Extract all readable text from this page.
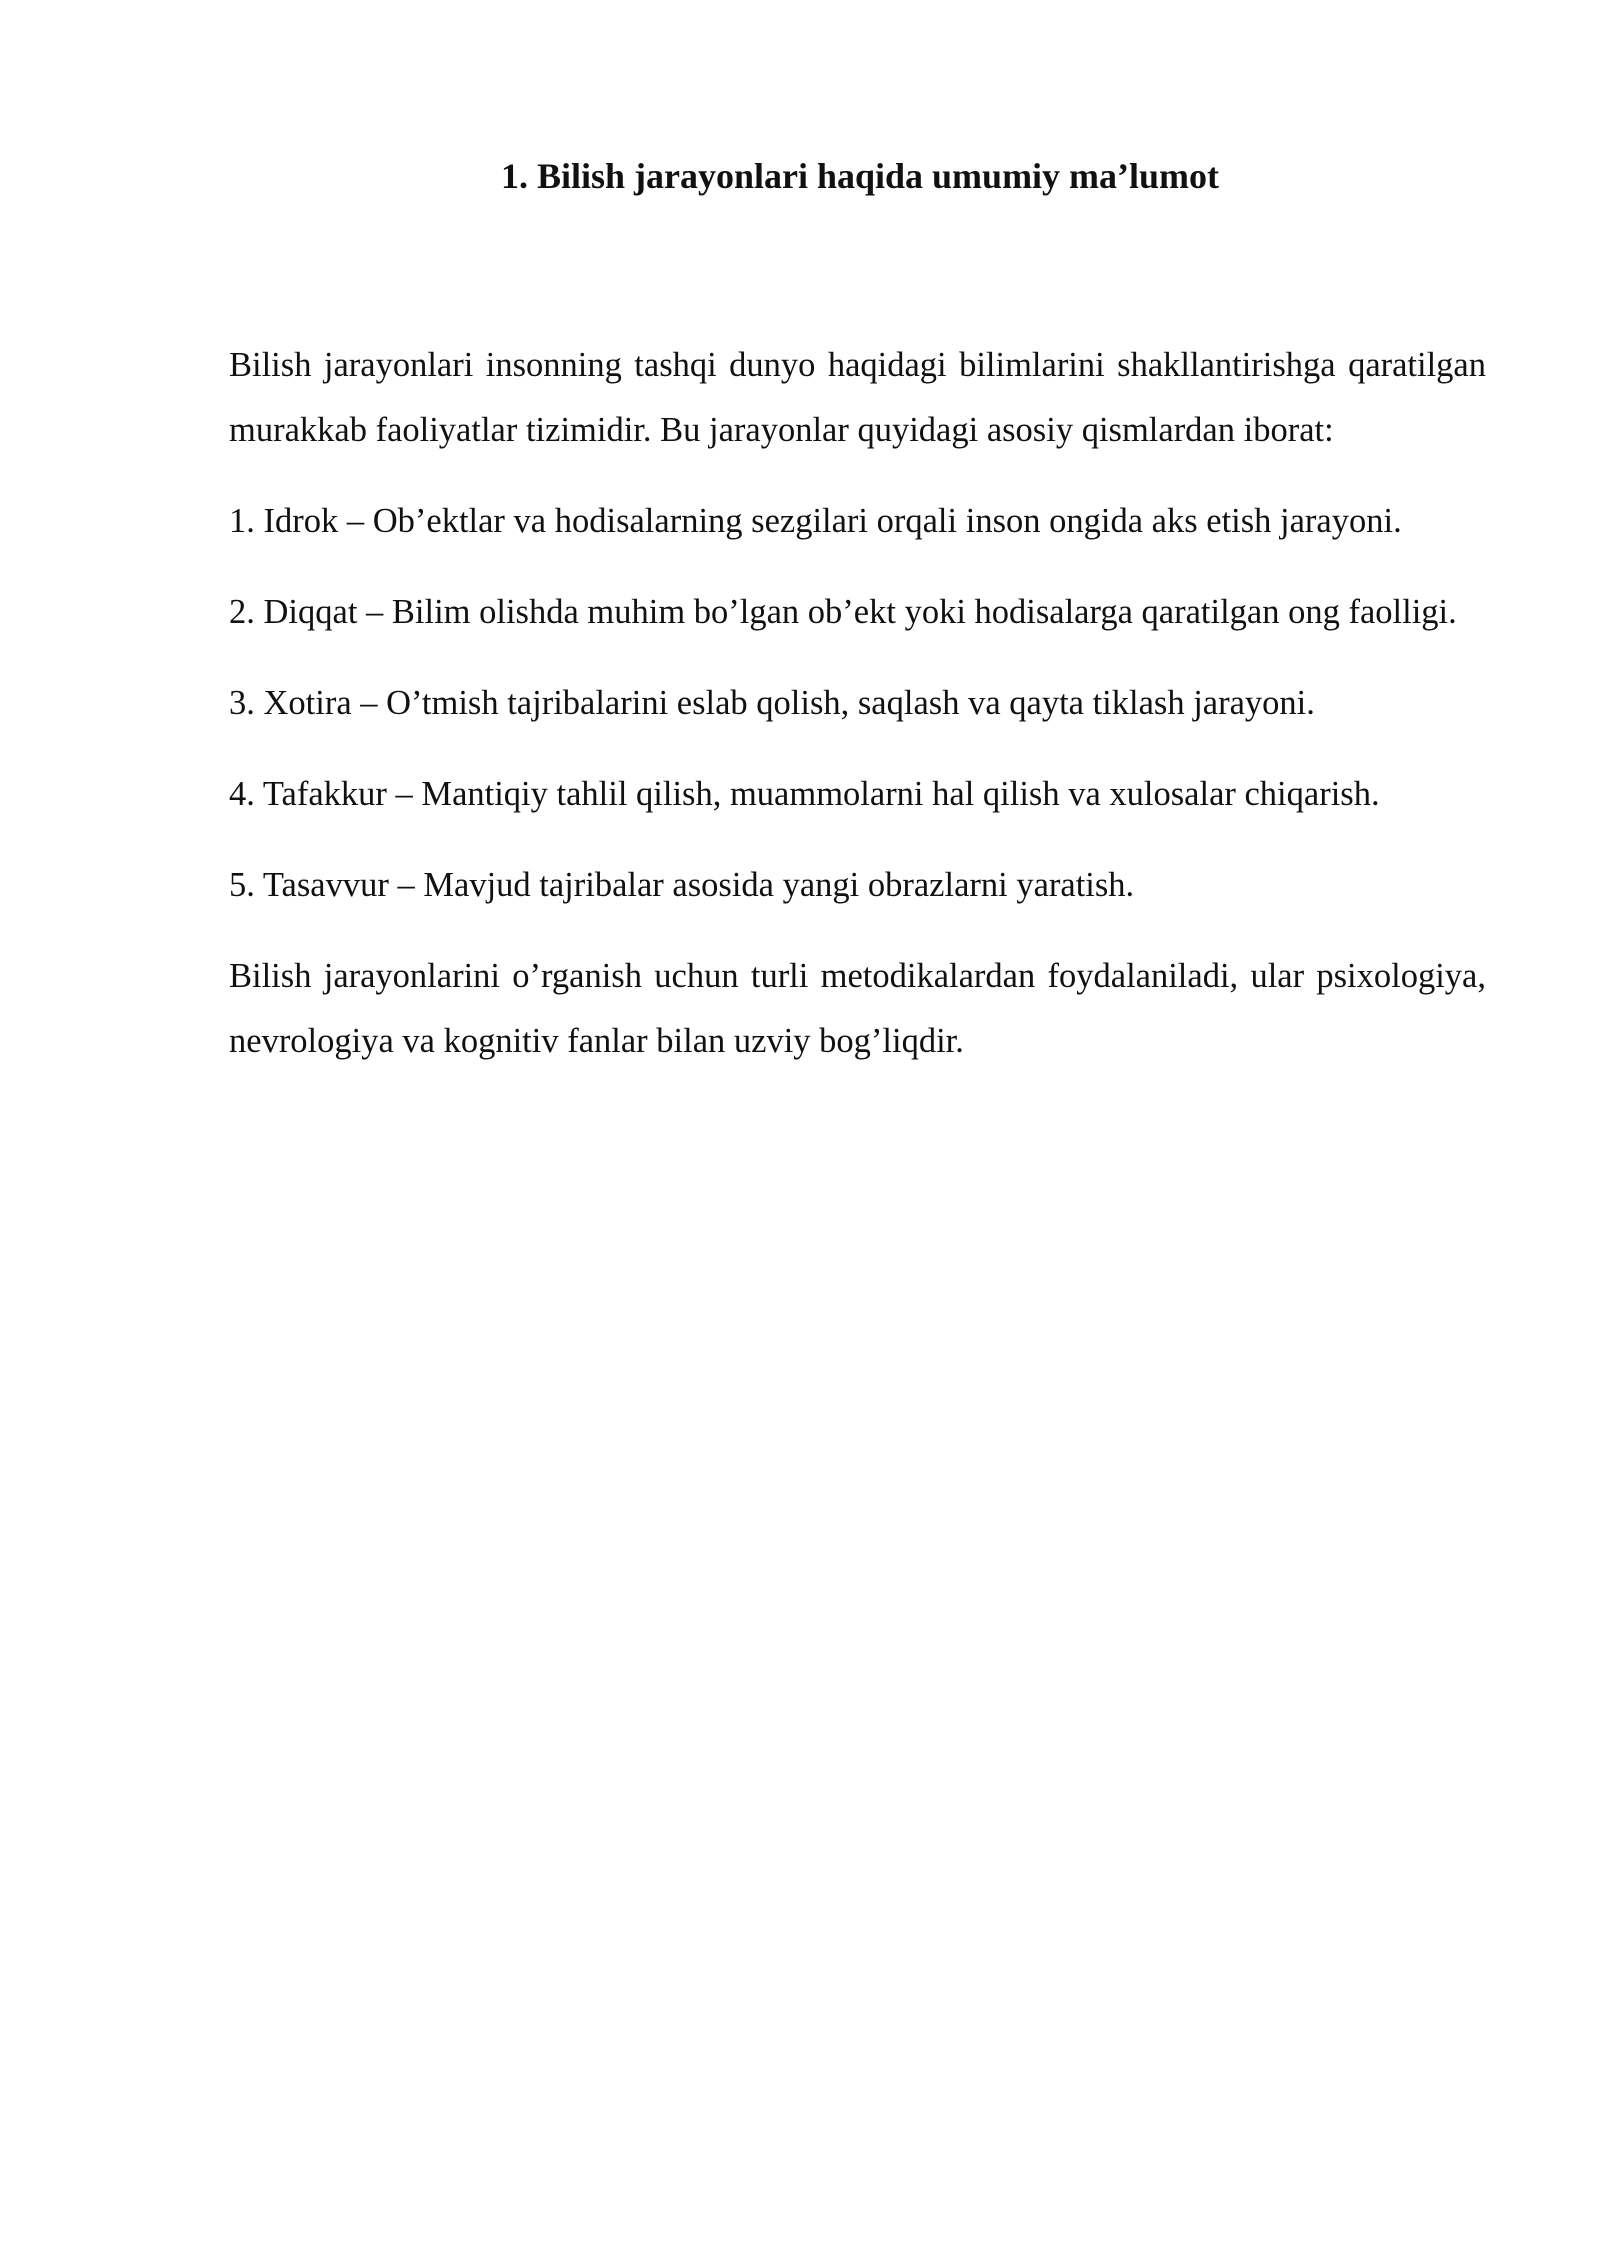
1. Bilish jarayonlari haqida umumiy ma’lumot

Bilish jarayonlari insonning tashqi dunyo haqidagi bilimlarini shakllantirishga qaratilgan murakkab faoliyatlar tizimidir. Bu jarayonlar quyidagi asosiy qismlardan iborat:

1. Idrok – Ob’ektlar va hodisalarning sezgilari orqali inson ongida aks etish jarayoni.

2. Diqqat – Bilim olishda muhim bo’lgan ob’ekt yoki hodisalarga qaratilgan ong faolligi.

3. Xotira – O’tmish tajribalarini eslab qolish, saqlash va qayta tiklash jarayoni.

4. Tafakkur – Mantiqiy tahlil qilish, muammolarni hal qilish va xulosalar chiqarish.

5. Tasavvur – Mavjud tajribalar asosida yangi obrazlarni yaratish.

Bilish jarayonlarini o’rganish uchun turli metodikalardan foydalaniladi, ular psixologiya, nevrologiya va kognitiv fanlar bilan uzviy bog’liqdir.
